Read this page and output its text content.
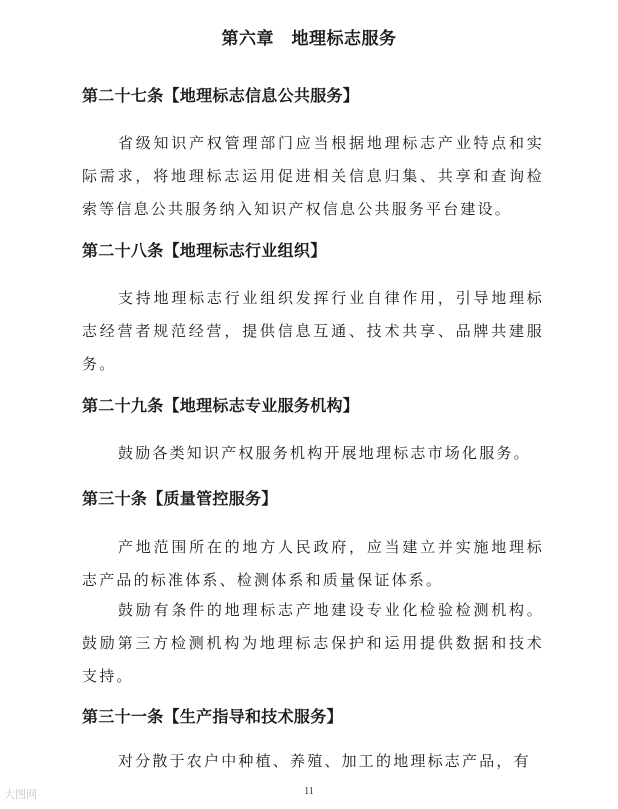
第六章　地理标志服务
第二十七条【地理标志信息公共服务】
省级知识产权管理部门应当根据地理标志产业特点和实际需求，将地理标志运用促进相关信息归集、共享和查询检索等信息公共服务纳入知识产权信息公共服务平台建设。
第二十八条【地理标志行业组织】
支持地理标志行业组织发挥行业自律作用，引导地理标志经营者规范经营，提供信息互通、技术共享、品牌共建服务。
第二十九条【地理标志专业服务机构】
鼓励各类知识产权服务机构开展地理标志市场化服务。
第三十条【质量管控服务】
产地范围所在的地方人民政府，应当建立并实施地理标志产品的标准体系、检测体系和质量保证体系。
鼓励有条件的地理标志产地建设专业化检验检测机构。鼓励第三方检测机构为地理标志保护和运用提供数据和技术支持。
第三十一条【生产指导和技术服务】
对分散于农户中种植、养殖、加工的地理标志产品，有
大图网	11
